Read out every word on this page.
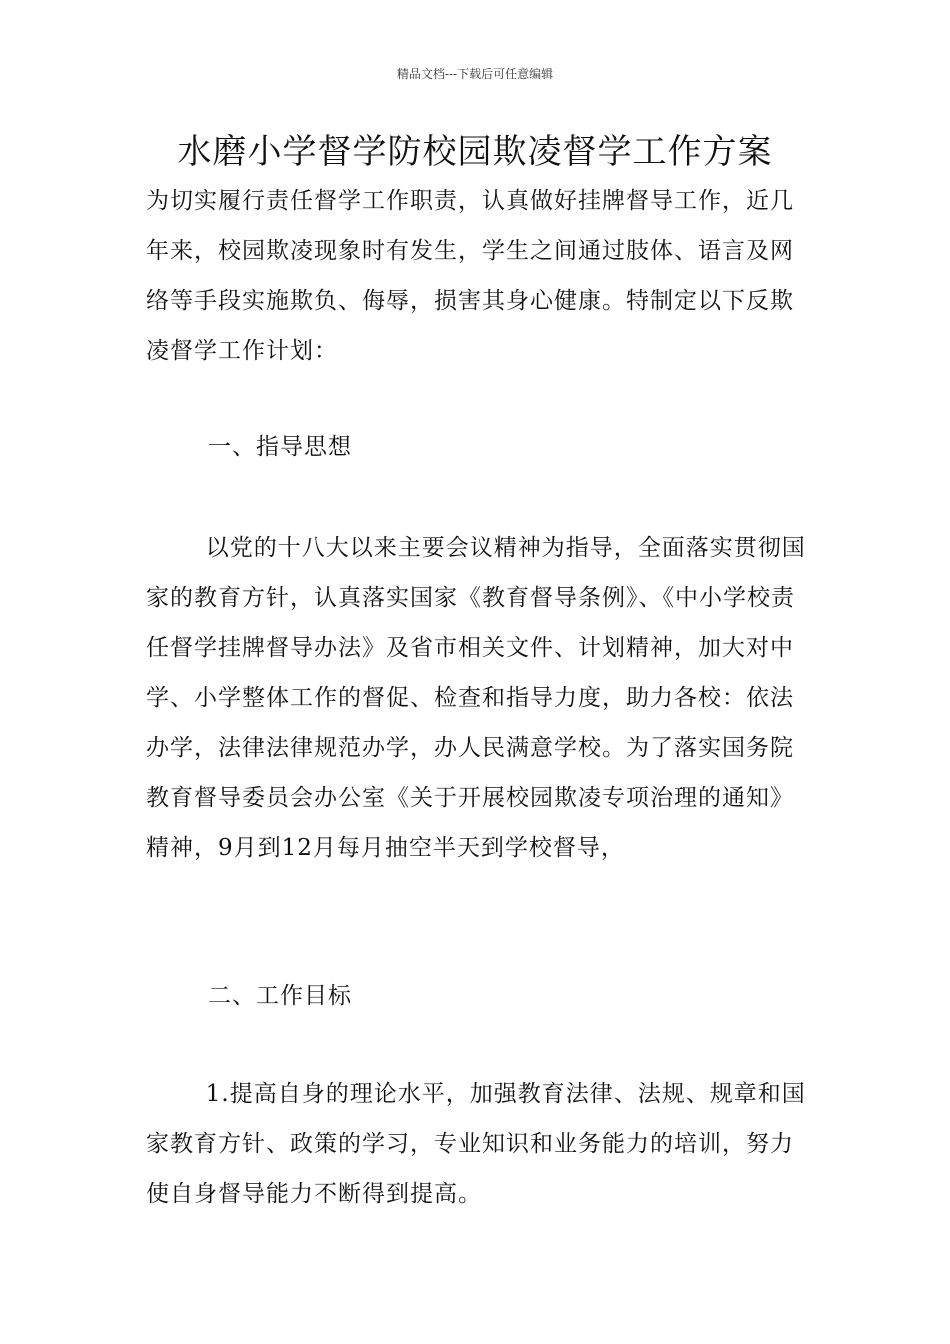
精品文档---下载后可任意编辑
水磨小学督学防校园欺凌督学工作方案

为切实履行责任督学工作职责，认真做好挂牌督导工作，近几年来，校园欺凌现象时有发生，学生之间通过肢体、语言及网络等手段实施欺负、侮辱，损害其身心健康。特制定以下反欺凌督学工作计划：

一、指导思想

以党的十八大以来主要会议精神为指导，全面落实贯彻国家的教育方针，认真落实国家《教育督导条例》、《中小学校责任督学挂牌督导办法》及省市相关文件、计划精神，加大对中学、小学整体工作的督促、检查和指导力度，助力各校：依法办学，法律法律规范办学，办人民满意学校。为了落实国务院教育督导委员会办公室《关于开展校园欺凌专项治理的通知》精神，9月到12月每月抽空半天到学校督导，

二、工作目标

1.提高自身的理论水平，加强教育法律、法规、规章和国家教育方针、政策的学习，专业知识和业务能力的培训，努力使自身督导能力不断得到提高。
